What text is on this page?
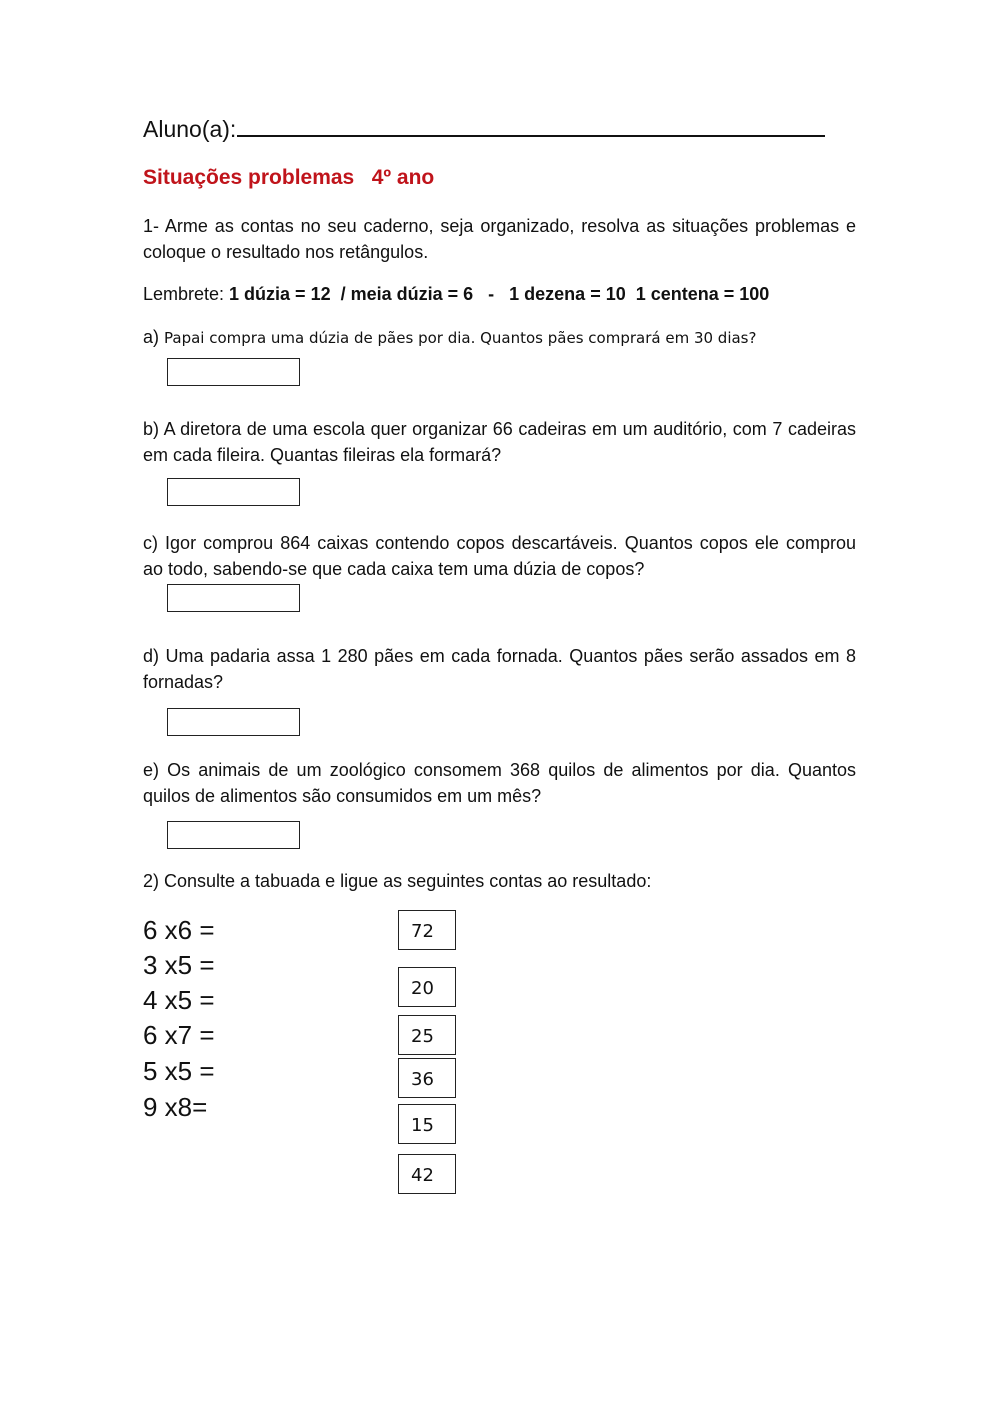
Aluno(a):
Situações problemas   4º ano
1- Arme as contas no seu caderno, seja organizado, resolva as situações problemas e coloque o resultado nos retângulos.
Lembrete: 1 dúzia = 12  / meia dúzia = 6   -   1 dezena = 10  1 centena = 100
a) Papai compra uma dúzia de pães por dia. Quantos pães comprará em 30 dias?
b) A diretora de uma escola quer organizar 66 cadeiras em um auditório, com 7 cadeiras em cada fileira. Quantas fileiras ela formará?
c) Igor comprou 864 caixas contendo copos descartáveis. Quantos copos ele comprou ao todo, sabendo-se que cada caixa tem uma dúzia de copos?
d) Uma padaria assa 1 280 pães em cada fornada. Quantos pães serão assados em 8 fornadas?
e) Os animais de um zoológico consomem 368 quilos de alimentos por dia. Quantos quilos de alimentos são consumidos em um mês?
2) Consulte a tabuada e ligue as seguintes contas ao resultado:
6 x6 =
3 x5 =
4 x5 =
6 x7 =
5 x5 =
9 x8=
72
20
25
36
15
42
